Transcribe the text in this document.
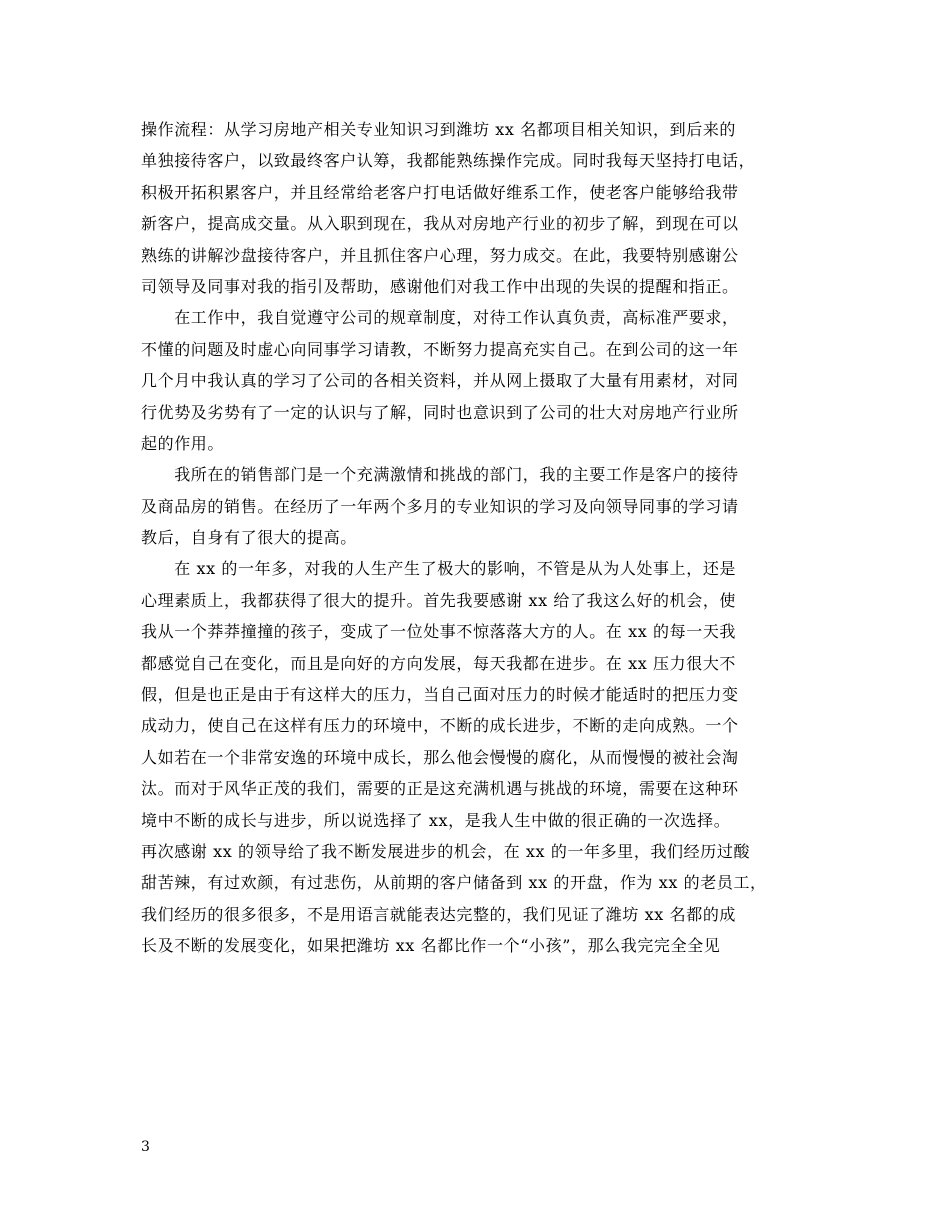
操作流程：从学习房地产相关专业知识习到潍坊 xx 名都项目相关知识，到后来的
单独接待客户，以致最终客户认筹，我都能熟练操作完成。同时我每天坚持打电话，
积极开拓积累客户，并且经常给老客户打电话做好维系工作，使老客户能够给我带
新客户，提高成交量。从入职到现在，我从对房地产行业的初步了解，到现在可以
熟练的讲解沙盘接待客户，并且抓住客户心理，努力成交。在此，我要特别感谢公
司领导及同事对我的指引及帮助，感谢他们对我工作中出现的失误的提醒和指正。
　　在工作中，我自觉遵守公司的规章制度，对待工作认真负责，高标准严要求，
不懂的问题及时虚心向同事学习请教，不断努力提高充实自己。在到公司的这一年
几个月中我认真的学习了公司的各相关资料，并从网上摄取了大量有用素材，对同
行优势及劣势有了一定的认识与了解，同时也意识到了公司的壮大对房地产行业所
起的作用。
　　我所在的销售部门是一个充满激情和挑战的部门，我的主要工作是客户的接待
及商品房的销售。在经历了一年两个多月的专业知识的学习及向领导同事的学习请
教后，自身有了很大的提高。
　　在 xx 的一年多，对我的人生产生了极大的影响，不管是从为人处事上，还是
心理素质上，我都获得了很大的提升。首先我要感谢 xx 给了我这么好的机会，使
我从一个莽莽撞撞的孩子，变成了一位处事不惊落落大方的人。在 xx 的每一天我
都感觉自己在变化，而且是向好的方向发展，每天我都在进步。在 xx 压力很大不
假，但是也正是由于有这样大的压力，当自己面对压力的时候才能适时的把压力变
成动力，使自己在这样有压力的环境中，不断的成长进步，不断的走向成熟。一个
人如若在一个非常安逸的环境中成长，那么他会慢慢的腐化，从而慢慢的被社会淘
汰。而对于风华正茂的我们，需要的正是这充满机遇与挑战的环境，需要在这种环
境中不断的成长与进步，所以说选择了 xx，是我人生中做的很正确的一次选择。
再次感谢 xx 的领导给了我不断发展进步的机会，在 xx 的一年多里，我们经历过酸
甜苦辣，有过欢颜，有过悲伤，从前期的客户储备到 xx 的开盘，作为 xx 的老员工，
我们经历的很多很多，不是用语言就能表达完整的，我们见证了潍坊 xx 名都的成
长及不断的发展变化，如果把潍坊 xx 名都比作一个“小孩”，那么我完完全全见
3
